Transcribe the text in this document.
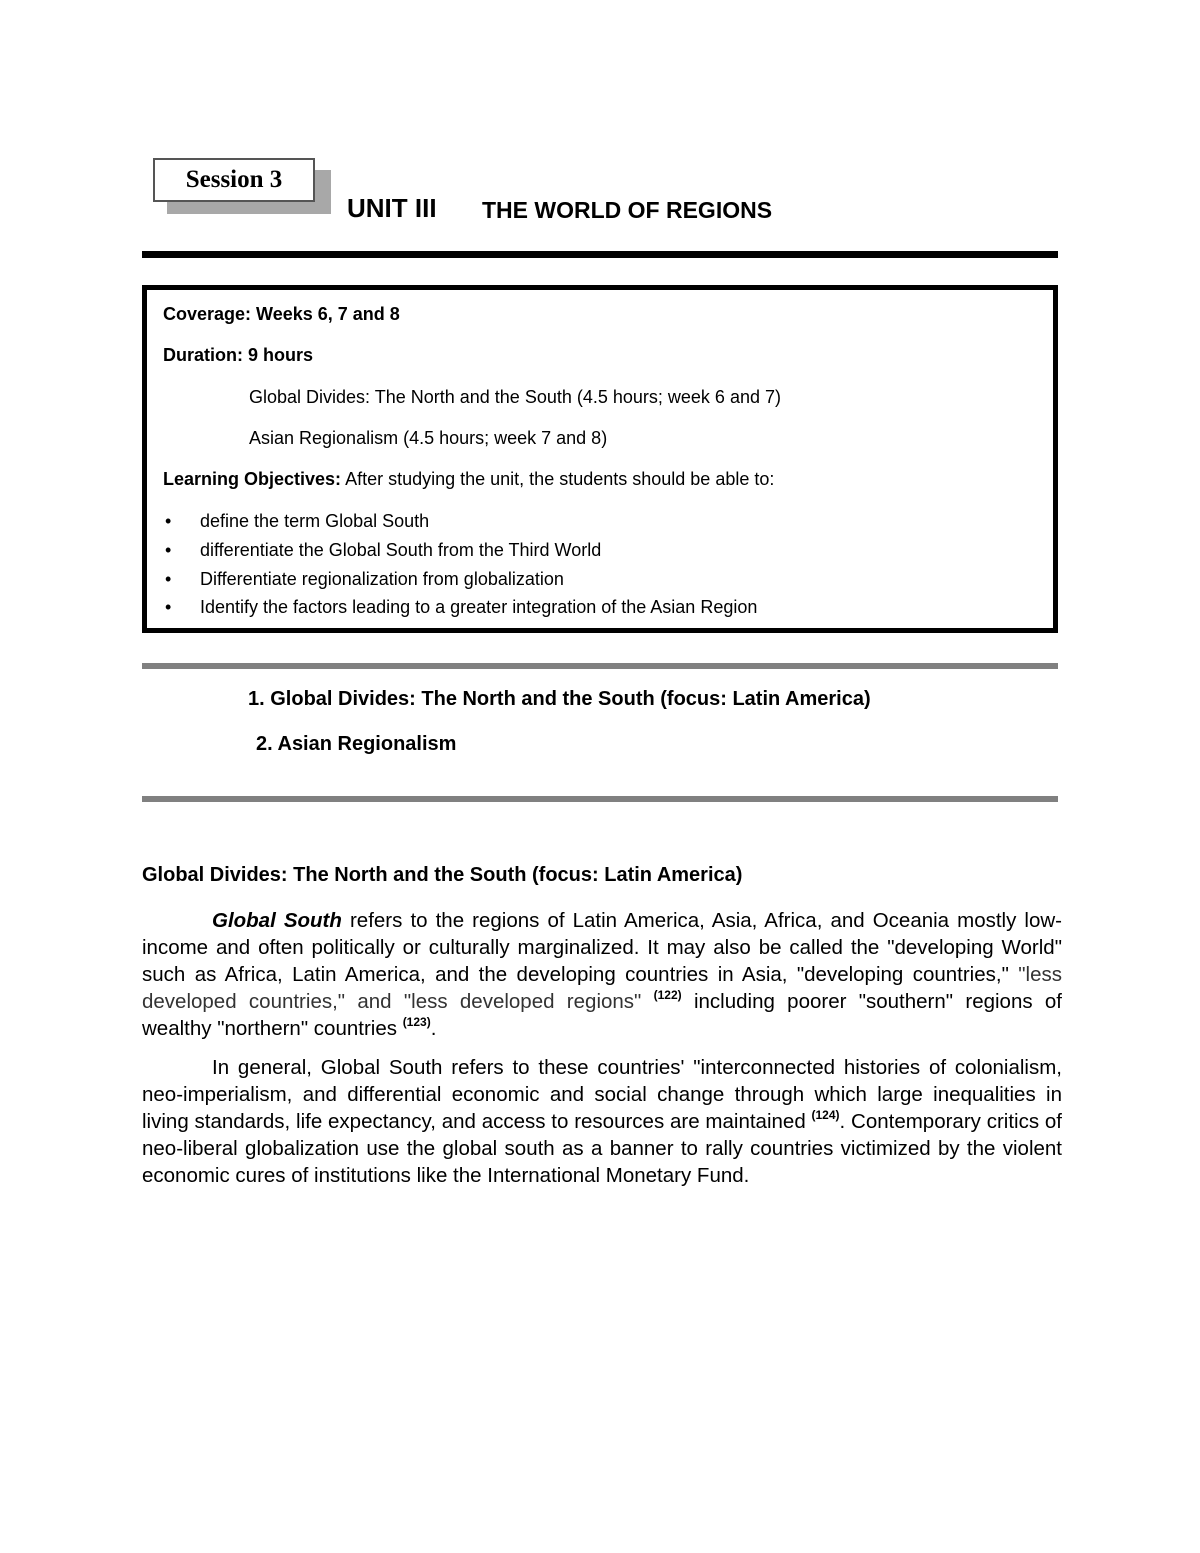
Session 3
UNIT III THE WORLD OF REGIONS
Coverage: Weeks 6, 7 and 8
Duration: 9 hours
Global Divides: The North and the South (4.5 hours; week 6 and 7)
Asian Regionalism (4.5 hours; week 7 and 8)
Learning Objectives: After studying the unit, the students should be able to:
• define the term Global South
• differentiate the Global South from the Third World
• Differentiate regionalization from globalization
• Identify the factors leading to a greater integration of the Asian Region
1. Global Divides: The North and the South (focus: Latin America)
2. Asian Regionalism
Global Divides: The North and the South (focus: Latin America)

Global South refers to the regions of Latin America, Asia, Africa, and Oceania mostly low- income and often politically or culturally marginalized. It may also be called the "developing World" such as Africa, Latin America, and the developing countries in Asia, "developing countries," "less developed countries," and "less developed regions" $^{(122)}$ including poorer "southern" regions of wealthy "northern" countries $^{(123)}$.

In general, Global South refers to these countries' "interconnected histories of colonialism, neo-imperialism, and differential economic and social change through which large inequalities in living standards, life expectancy, and access to resources are maintained $^{(124)}$. Contemporary critics of neo-liberal globalization use the global south as a banner to rally countries victimized by the violent economic cures of institutions like the International Monetary Fund.
